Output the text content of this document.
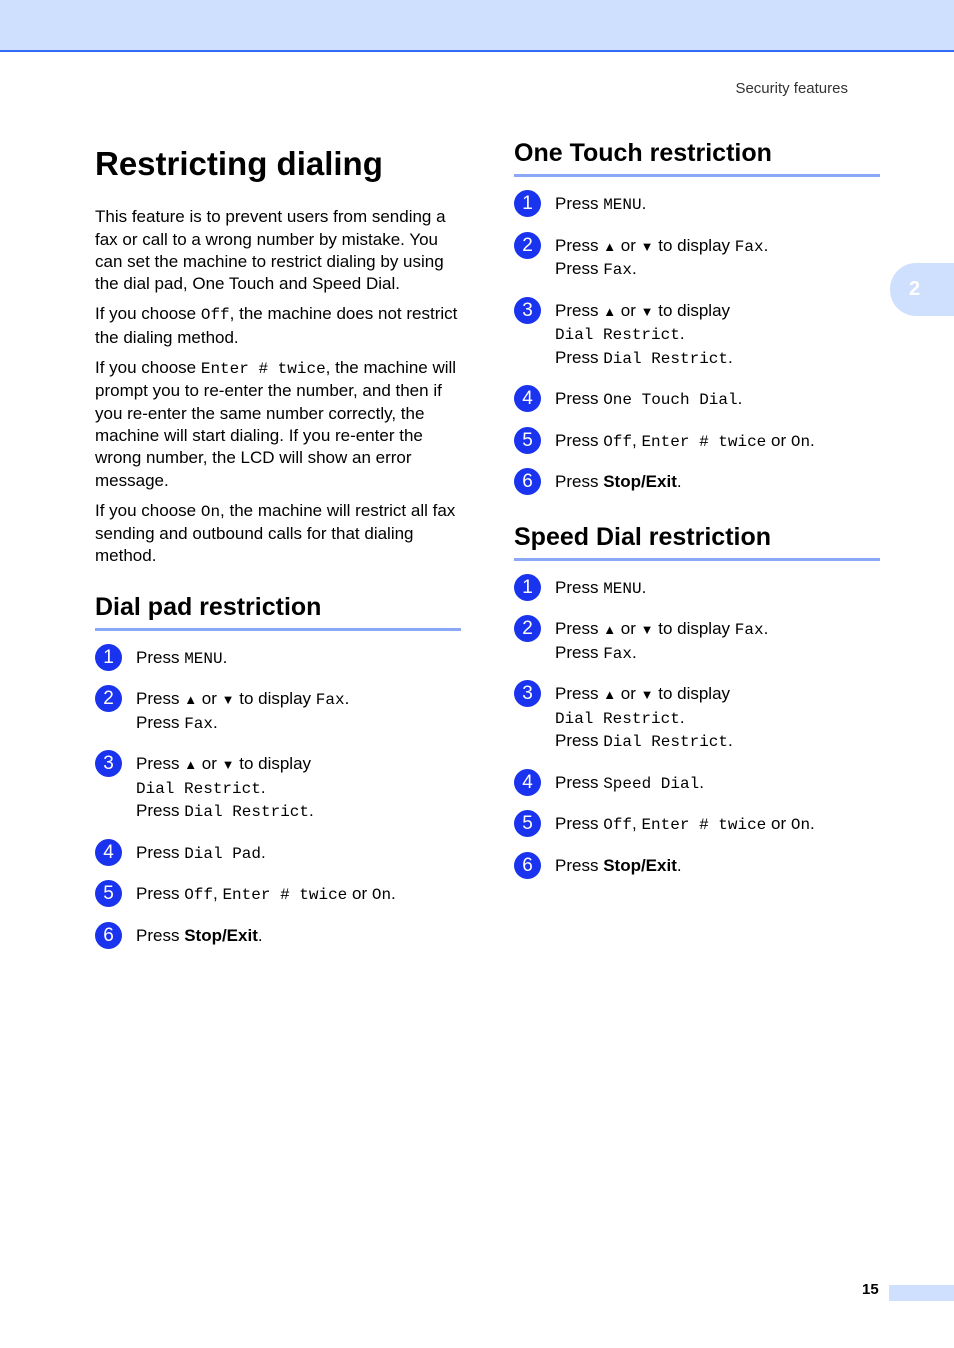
Security features
2
Restricting dialing

This feature is to prevent users from sending a fax or call to a wrong number by mistake. You can set the machine to restrict dialing by using the dial pad, One Touch and Speed Dial.

If you choose Off, the machine does not restrict the dialing method.

If you choose Enter # twice, the machine will prompt you to re-enter the number, and then if you re-enter the same number correctly, the machine will start dialing. If you re-enter the wrong number, the LCD will show an error message.

If you choose On, the machine will restrict all fax sending and outbound calls for that dialing method.

Dial pad restriction
1	Press MENU.
2	Press ▲ or ▼ to display Fax.
Press Fax.
3	Press ▲ or ▼ to display
Dial Restrict.
Press Dial Restrict.
4	Press Dial Pad.
5	Press Off, Enter # twice or On.
6	Press Stop/Exit.
One Touch restriction
1	Press MENU.
2	Press ▲ or ▼ to display Fax.
Press Fax.
3	Press ▲ or ▼ to display
Dial Restrict.
Press Dial Restrict.
4	Press One Touch Dial.
5	Press Off, Enter # twice or On.
6	Press Stop/Exit.
Speed Dial restriction
1	Press MENU.
2	Press ▲ or ▼ to display Fax.
Press Fax.
3	Press ▲ or ▼ to display
Dial Restrict.
Press Dial Restrict.
4	Press Speed Dial.
5	Press Off, Enter # twice or On.
6	Press Stop/Exit.
15
